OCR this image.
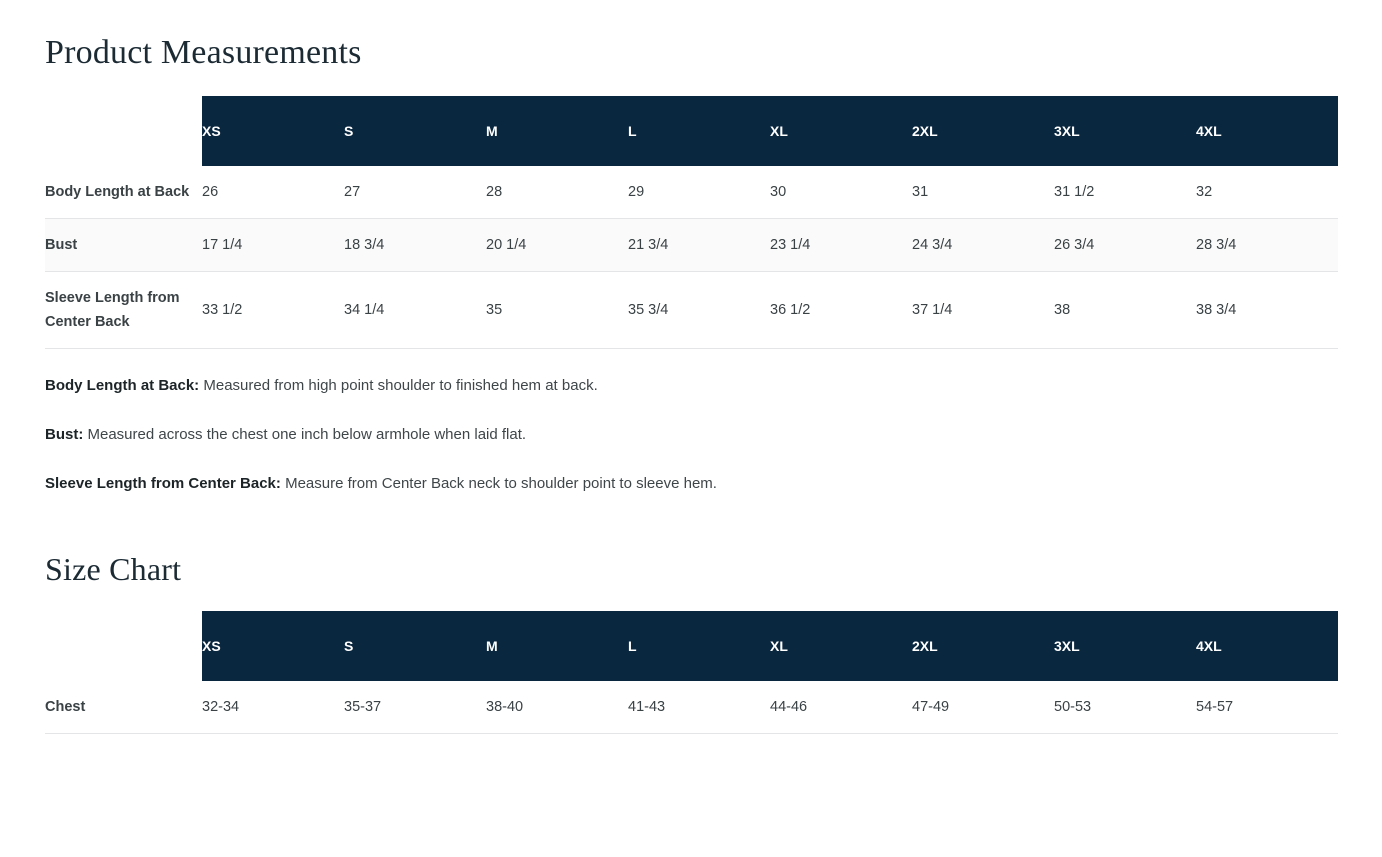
Product Measurements
	XS	S	M	L	XL	2XL	3XL	4XL
Body Length at Back	26	27	28	29	30	31	31 1/2	32
Bust	17 1/4	18 3/4	20 1/4	21 3/4	23 1/4	24 3/4	26 3/4	28 3/4
Sleeve Length from Center Back	33 1/2	34 1/4	35	35 3/4	36 1/2	37 1/4	38	38 3/4

Body Length at Back: Measured from high point shoulder to finished hem at back.

Bust: Measured across the chest one inch below armhole when laid flat.

Sleeve Length from Center Back: Measure from Center Back neck to shoulder point to sleeve hem.

Size Chart
	XS	S	M	L	XL	2XL	3XL	4XL
Chest	32-34	35-37	38-40	41-43	44-46	47-49	50-53	54-57
